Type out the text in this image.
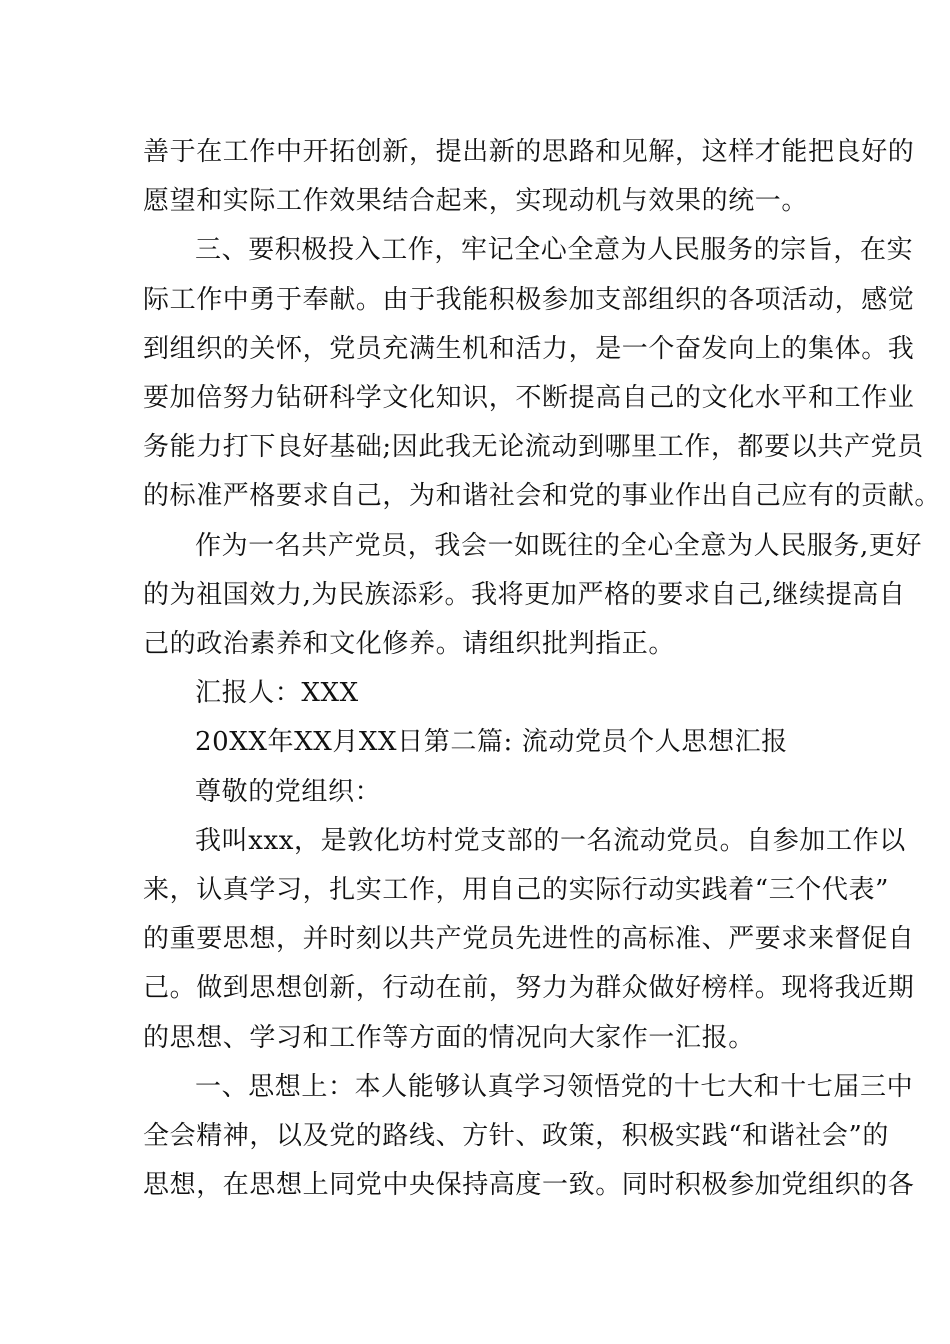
善于在工作中开拓创新，提出新的思路和见解，这样才能把良好的
愿望和实际工作效果结合起来，实现动机与效果的统一。
三、要积极投入工作，牢记全心全意为人民服务的宗旨，在实
际工作中勇于奉献。由于我能积极参加支部组织的各项活动，感觉
到组织的关怀，党员充满生机和活力，是一个奋发向上的集体。我
要加倍努力钻研科学文化知识，不断提高自己的文化水平和工作业
务能力打下良好基础;因此我无论流动到哪里工作，都要以共产党员
的标准严格要求自己，为和谐社会和党的事业作出自己应有的贡献。
作为一名共产党员，我会一如既往的全心全意为人民服务,更好
的为祖国效力,为民族添彩。我将更加严格的要求自己,继续提高自
己的政治素养和文化修养。请组织批判指正。
汇报人：XXX
20XX年XX月XX日第二篇: 流动党员个人思想汇报
尊敬的党组织：
我叫xxx，是敦化坊村党支部的一名流动党员。自参加工作以
来，认真学习，扎实工作，用自己的实际行动实践着“三个代表”
的重要思想，并时刻以共产党员先进性的高标准、严要求来督促自
己。做到思想创新，行动在前，努力为群众做好榜样。现将我近期
的思想、学习和工作等方面的情况向大家作一汇报。
一、思想上：本人能够认真学习领悟党的十七大和十七届三中
全会精神，以及党的路线、方针、政策，积极实践“和谐社会”的
思想，在思想上同党中央保持高度一致。同时积极参加党组织的各
